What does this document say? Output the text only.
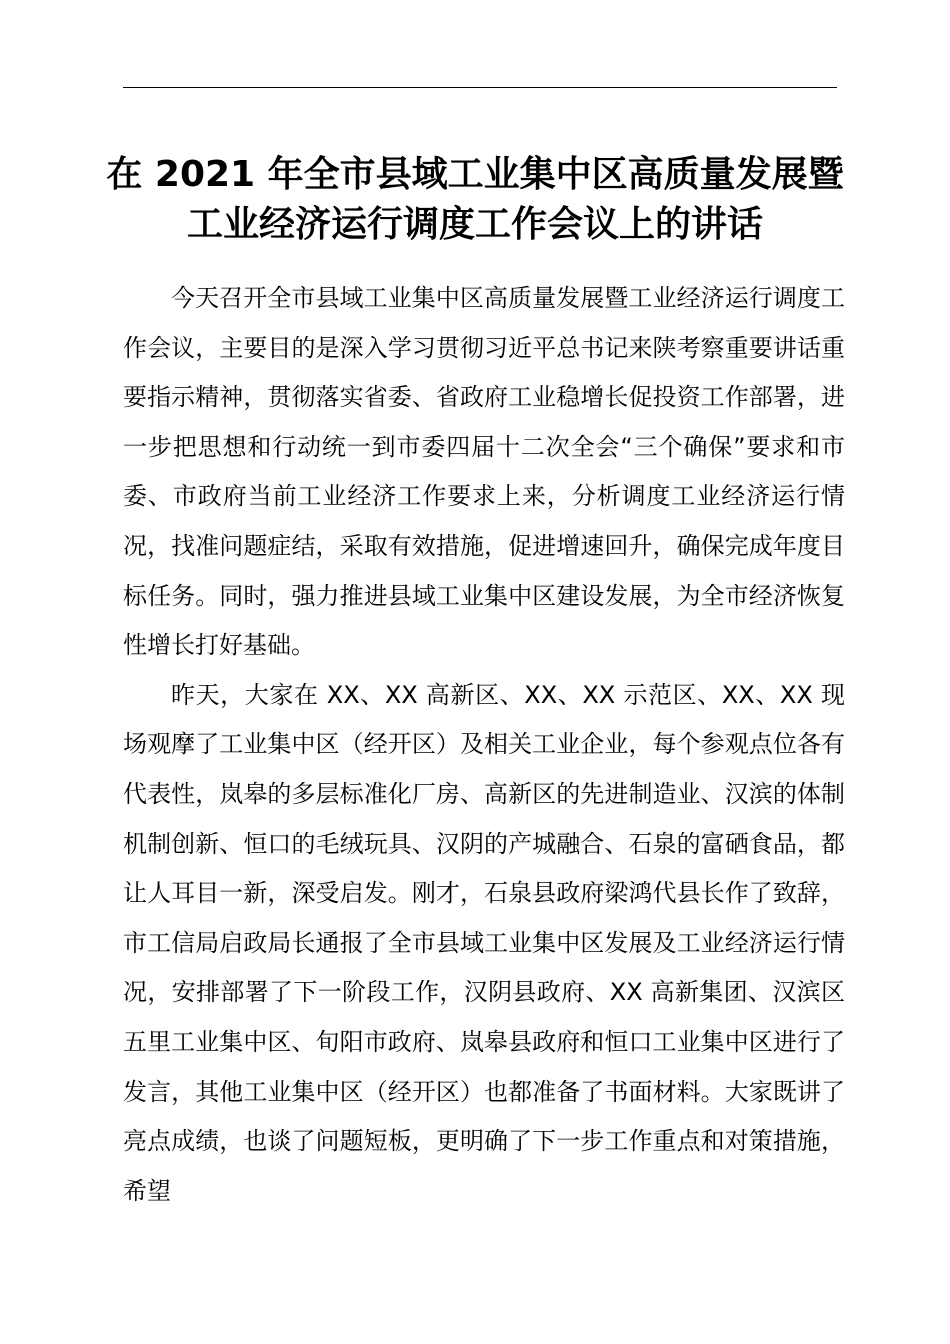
在 2021 年全市县域工业集中区高质量发展暨
工业经济运行调度工作会议上的讲话

今天召开全市县域工业集中区高质量发展暨工业经济运行调度工作会议，主要目的是深入学习贯彻习近平总书记来陕考察重要讲话重要指示精神，贯彻落实省委、省政府工业稳增长促投资工作部署，进一步把思想和行动统一到市委四届十二次全会“三个确保”要求和市委、市政府当前工业经济工作要求上来，分析调度工业经济运行情况，找准问题症结，采取有效措施，促进增速回升，确保完成年度目标任务。同时，强力推进县域工业集中区建设发展，为全市经济恢复性增长打好基础。

昨天，大家在 XX、XX 高新区、XX、XX 示范区、XX、XX 现场观摩了工业集中区（经开区）及相关工业企业，每个参观点位各有代表性，岚皋的多层标准化厂房、高新区的先进制造业、汉滨的体制机制创新、恒口的毛绒玩具、汉阴的产城融合、石泉的富硒食品，都让人耳目一新，深受启发。刚才，石泉县政府梁鸿代县长作了致辞，市工信局启政局长通报了全市县域工业集中区发展及工业经济运行情况，安排部署了下一阶段工作，汉阴县政府、XX 高新集团、汉滨区五里工业集中区、旬阳市政府、岚皋县政府和恒口工业集中区进行了发言，其他工业集中区（经开区）也都准备了书面材料。大家既讲了亮点成绩，也谈了问题短板，更明确了下一步工作重点和对策措施，希望
